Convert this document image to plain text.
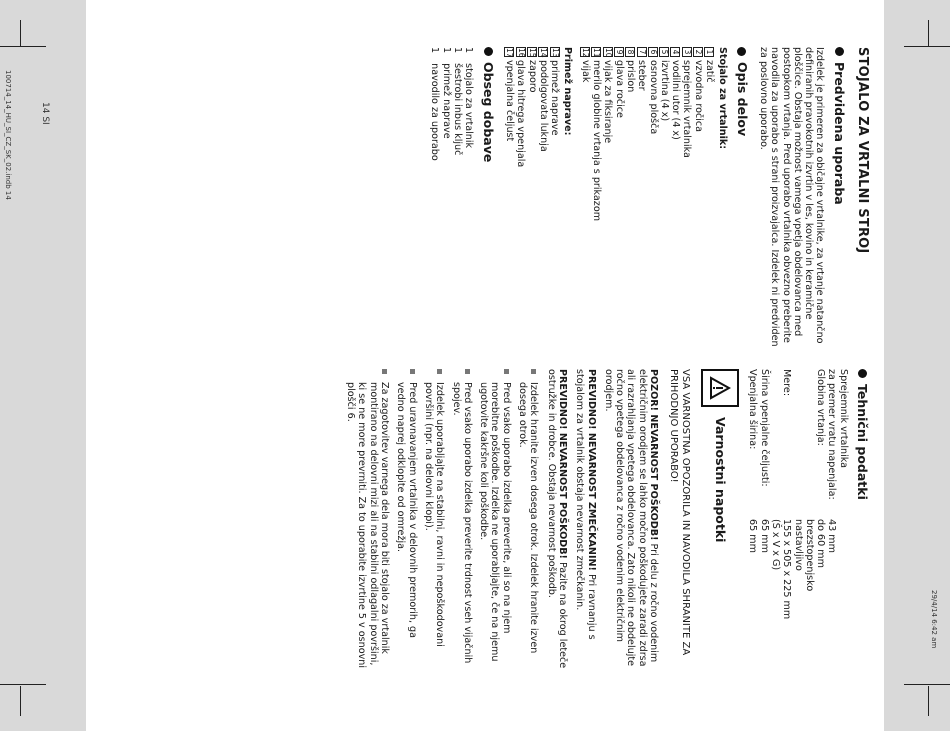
100714_14_HU_SI_CZ_SK_02.indb 14
29/4/14 6:42 am
14 SI	STOJALO ZA VRTALNI STROJ
Predvidena uporaba

Izdelek je primeren za običajne vrtalnike, za vrtanje natančno definiranih pravokotnih izvrtin v les, kovino in keramične ploščice. Obstaja možnost vamega vpetja obdelovanca med postopkom vrtanja. Pred uporabo vrtalnika obvezno preberite navodila za uporabo s strani proizvajalca. Izdelek ni predviden za poslovno uporabo.

Opis delov
Stojalo za vrtalnik:
1
zatič
2
vzvodna ročica
3
sprejemnik vrtalnika
4
vodilni utor (4 x)
5
izvrtina (4 x)
6
osnovna plošča
7
steber
8
prislon
9
glava ročice
10
vijak za fiksiranje
11
merilo globine vrtanja s prikazom
12
vijak
Primež naprave:
13
primež naprave
14
podolgovata luknja
15
zaporo
16
glava hitrega vpenjala
17
vpenjalna čeljust
Obseg dobave
1
stojalo za vrtalnik
1
šestrobi inbus ključ
1
primež naprave
1
navodilo za uporabo
Tehnični podatki
Sprejemnik vrtalnika
za premer vratu napenjala:
43 mm
Globina vrtanja:
do 60 mm
brezstopenjsko
nastavljivo
Mere:
155 x 505 x 225 mm
(Š x V x G)
Širina vpenjalne čeljusti:
65 mm
Vpenjalna širina:
65 mm
Varnostni napotki
VSA VARNOSTNA OPOZORILA IN NAVODILA SHRANITE ZA PRIHODNJO UPORABO!

POZOR! NEVARNOST POŠKODB! Pri delu z ročno vodenim električnim orodjem se lahko močno poškodujete zaradi zdrsa ali razrahljanja vpetega obdelovanca. Zato nikoli ne obdelujte ročno vpetega obdelovanca z ročno vodenim električnim orodjem.

PREVIDNO! NEVARNOST ZMEČKANIN! Pri ravnanju s stojalom za vrtalnik obstaja nevarnost zmečkanin.

PREVIDNO! NEVARNOST POŠKODB! Pazite na okrog leteče ostružke in drobce. Obstaja nevarnost poškodb.

Izdelek hranite izven dosega otrok. Izdelek hranite izven dosega otrok.
Pred vsako uporabo izdelka preverite, ali so na njem morebitne poškodbe. Izdelka ne uporabljajte, če na njemu ugotovite kakršne koli poškodbe.
Pred vsako uporabo izdelka preverite trdnost vseh vijačnih spojev.
Izdelek uporabljajte na stabilni, ravni in nepoškodovani površini (npr. na delovni klopi).
Pred uravnavanjem vrtalnika v delovnih premorih, ga vedno naprej odklopite od omrežja.
Za zagotovitev varnega dela mora biti stojalo za vrtalnik montirano na delovni mizi ali na stabilni odlagalni površini, ki se ne more prevrniti. Za to uporabite izvrtine 5 v osnovni plošči 6.
